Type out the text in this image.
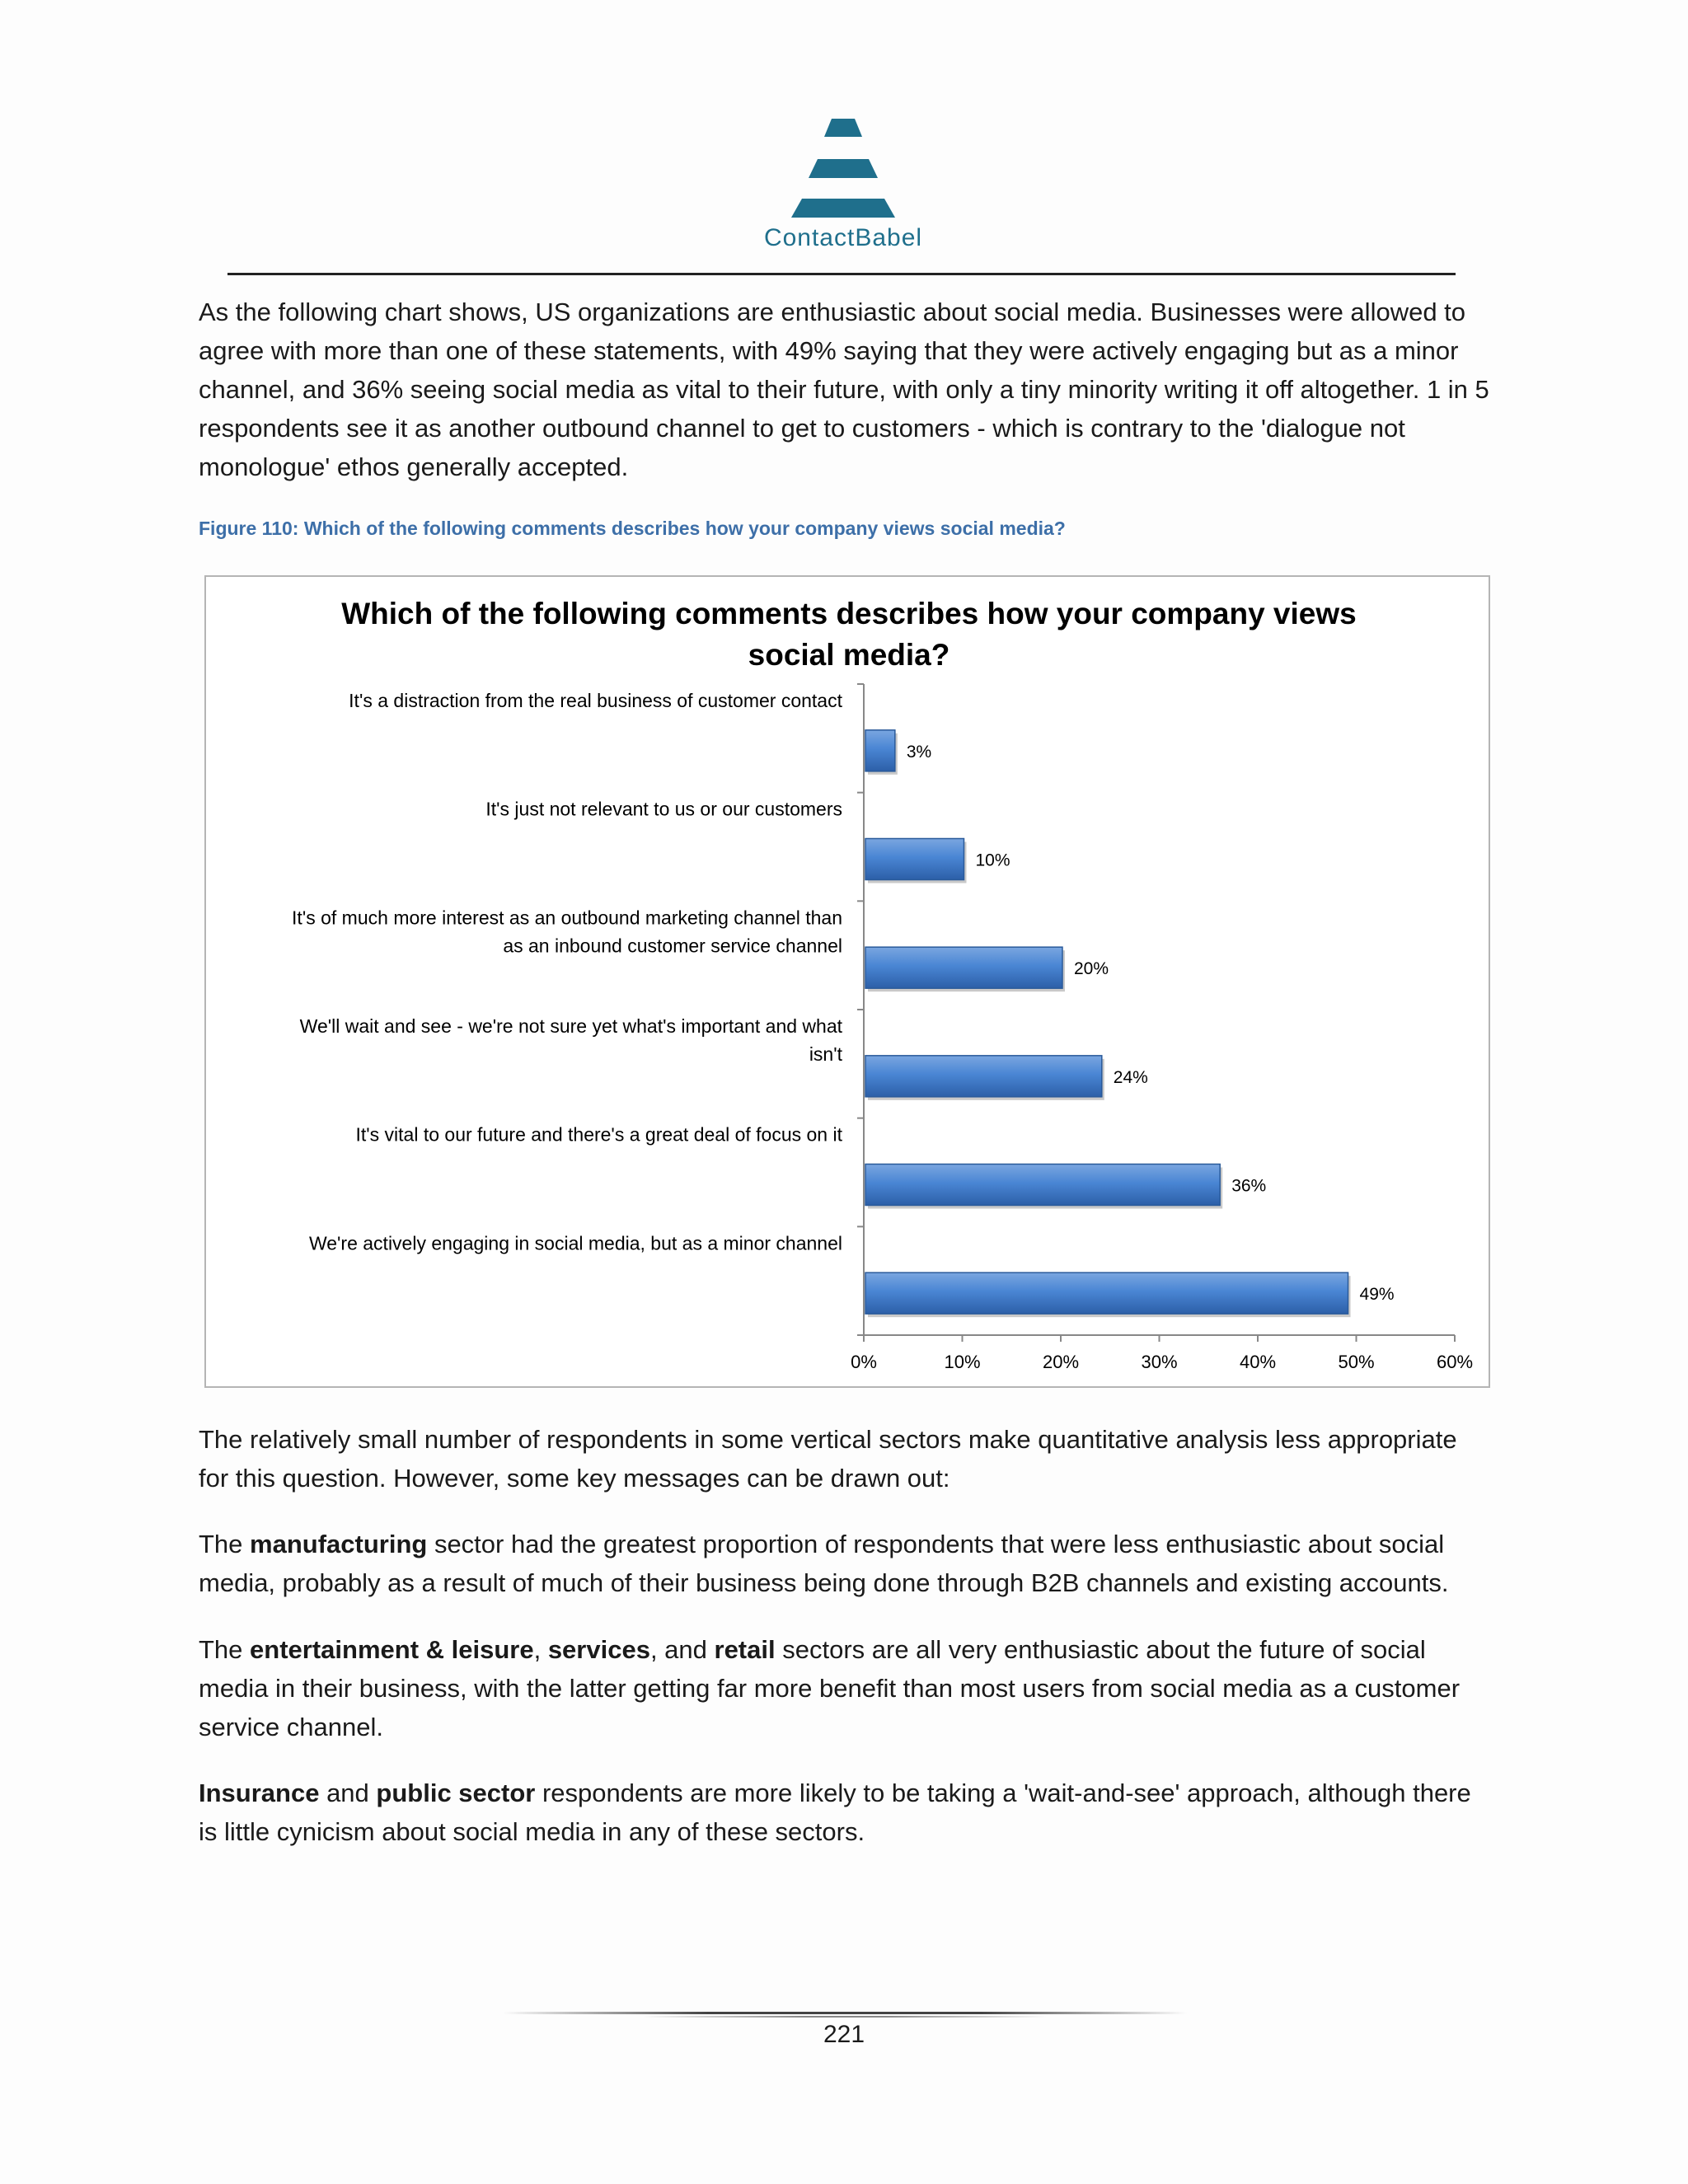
ContactBabel

As the following chart shows, US organizations are enthusiastic about social media. Businesses were allowed to agree with more than one of these statements, with 49% saying that they were actively engaging but as a minor channel, and 36% seeing social media as vital to their future, with only a tiny minority writing it off altogether. 1 in 5 respondents see it as another outbound channel to get to customers - which is contrary to the 'dialogue not monologue' ethos generally accepted.

Figure 110: Which of the following comments describes how your company views social media?
Which of the following comments describes how your company views
social media?
0%	10%	20%	30%	40%	50%	60%
3%
It's a distraction from the real business of customer contact
10%
It's just not relevant to us or our customers
20%
It's of much more interest as an outbound marketing channel than
as an inbound customer service channel
24%
We'll wait and see - we're not sure yet what's important and what
isn't
36%
It's vital to our future and there's a great deal of focus on it
49%
We're actively engaging in social media, but as a minor channel

The relatively small number of respondents in some vertical sectors make quantitative analysis less appropriate for this question. However, some key messages can be drawn out:

The manufacturing sector had the greatest proportion of respondents that were less enthusiastic about social media, probably as a result of much of their business being done through B2B channels and existing accounts.

The entertainment & leisure, services, and retail sectors are all very enthusiastic about the future of social media in their business, with the latter getting far more benefit than most users from social media as a customer service channel.

Insurance and public sector respondents are more likely to be taking a 'wait-and-see' approach, although there is little cynicism about social media in any of these sectors.

221
